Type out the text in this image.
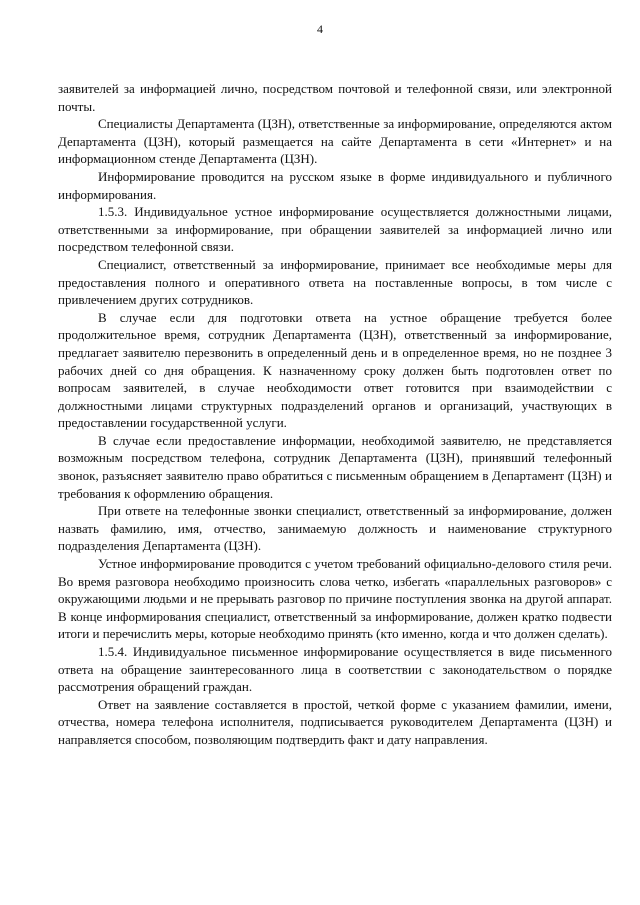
4

заявителей за информацией лично, посредством почтовой и телефонной связи, или электронной почты.

Специалисты Департамента (ЦЗН), ответственные за информирование, определяются актом Департамента (ЦЗН), который размещается на сайте Департамента в сети «Интернет» и на информационном стенде Департамента (ЦЗН).

Информирование проводится на русском языке в форме индивидуального и публичного информирования.

1.5.3. Индивидуальное устное информирование осуществляется должностными лицами, ответственными за информирование, при обращении заявителей за информацией лично или посредством телефонной связи.

Специалист, ответственный за информирование, принимает все необходимые меры для предоставления полного и оперативного ответа на поставленные вопросы, в том числе с привлечением других сотрудников.

В случае если для подготовки ответа на устное обращение требуется более продолжительное время, сотрудник Департамента (ЦЗН), ответственный за информирование, предлагает заявителю перезвонить в определенный день и в определенное время, но не позднее 3 рабочих дней со дня обращения. К назначенному сроку должен быть подготовлен ответ по вопросам заявителей, в случае необходимости ответ готовится при взаимодействии с должностными лицами структурных подразделений органов и организаций, участвующих в предоставлении государственной услуги.

В случае если предоставление информации, необходимой заявителю, не представляется возможным посредством телефона, сотрудник Департамента (ЦЗН), принявший телефонный звонок, разъясняет заявителю право обратиться с письменным обращением в Департамент (ЦЗН) и требования к оформлению обращения.

При ответе на телефонные звонки специалист, ответственный за информирование, должен назвать фамилию, имя, отчество, занимаемую должность и наименование структурного подразделения Департамента (ЦЗН).

Устное информирование проводится с учетом требований официально-делового стиля речи. Во время разговора необходимо произносить слова четко, избегать «параллельных разговоров» с окружающими людьми и не прерывать разговор по причине поступления звонка на другой аппарат. В конце информирования специалист, ответственный за информирование, должен кратко подвести итоги и перечислить меры, которые необходимо принять (кто именно, когда и что должен сделать).

1.5.4. Индивидуальное письменное информирование осуществляется в виде письменного ответа на обращение заинтересованного лица в соответствии с законодательством о порядке рассмотрения обращений граждан.

Ответ на заявление составляется в простой, четкой форме с указанием фамилии, имени, отчества, номера телефона исполнителя, подписывается руководителем Департамента (ЦЗН) и направляется способом, позволяющим подтвердить факт и дату направления.
